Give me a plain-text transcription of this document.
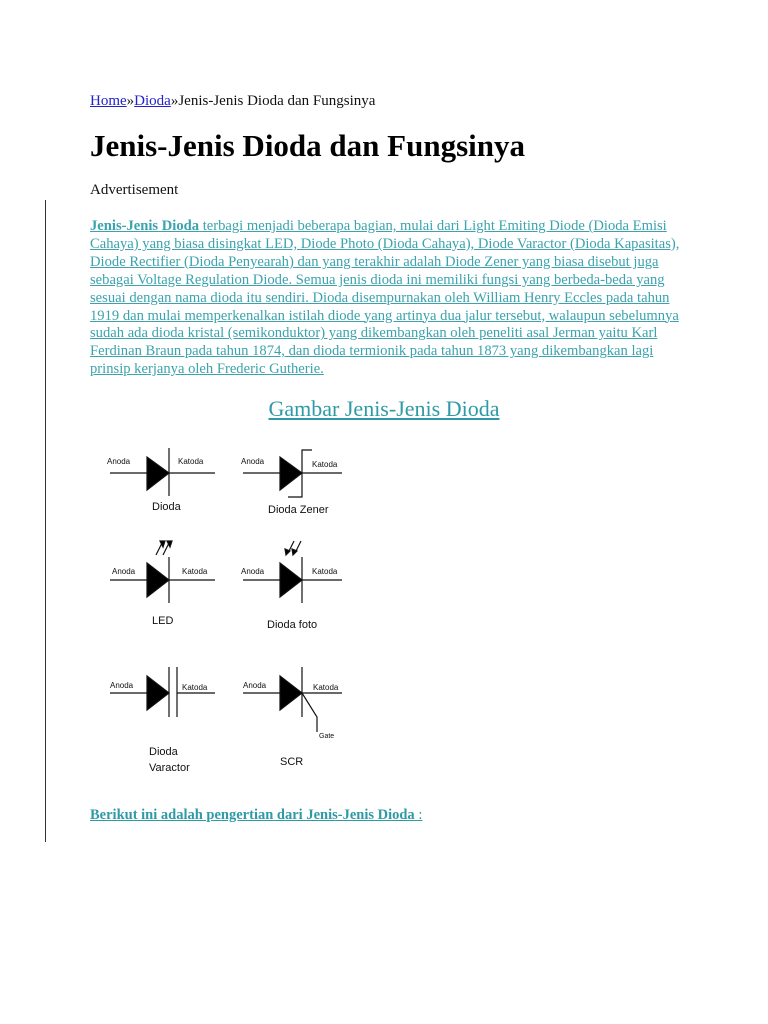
Home»Dioda»Jenis-Jenis Dioda dan Fungsinya
Jenis-Jenis Dioda dan Fungsinya
Advertisement
Jenis-Jenis Dioda terbagi menjadi beberapa bagian, mulai dari Light Emiting Diode (Dioda Emisi Cahaya) yang biasa disingkat LED, Diode Photo (Dioda Cahaya), Diode Varactor (Dioda Kapasitas), Diode Rectifier (Dioda Penyearah) dan yang terakhir adalah Diode Zener yang biasa disebut juga sebagai Voltage Regulation Diode. Semua jenis dioda ini memiliki fungsi yang berbeda-beda yang sesuai dengan nama dioda itu sendiri. Dioda disempurnakan oleh William Henry Eccles pada tahun 1919 dan mulai memperkenalkan istilah diode yang artinya dua jalur tersebut, walaupun sebelumnya sudah ada dioda kristal (semikonduktor) yang dikembangkan oleh peneliti asal Jerman yaitu Karl Ferdinan Braun pada tahun 1874, dan dioda termionik pada tahun 1873 yang dikembangkan lagi prinsip kerjanya oleh Frederic Gutherie.
Gambar Jenis-Jenis Dioda
Anoda	Katoda
Dioda
Anoda	Katoda
Dioda Zener
Anoda	Katoda
LED
Anoda	Katoda
Dioda foto
Anoda	Katoda
Dioda
Varactor
Anoda	Katoda
Gate
SCR
Berikut ini adalah pengertian dari Jenis-Jenis Dioda :
